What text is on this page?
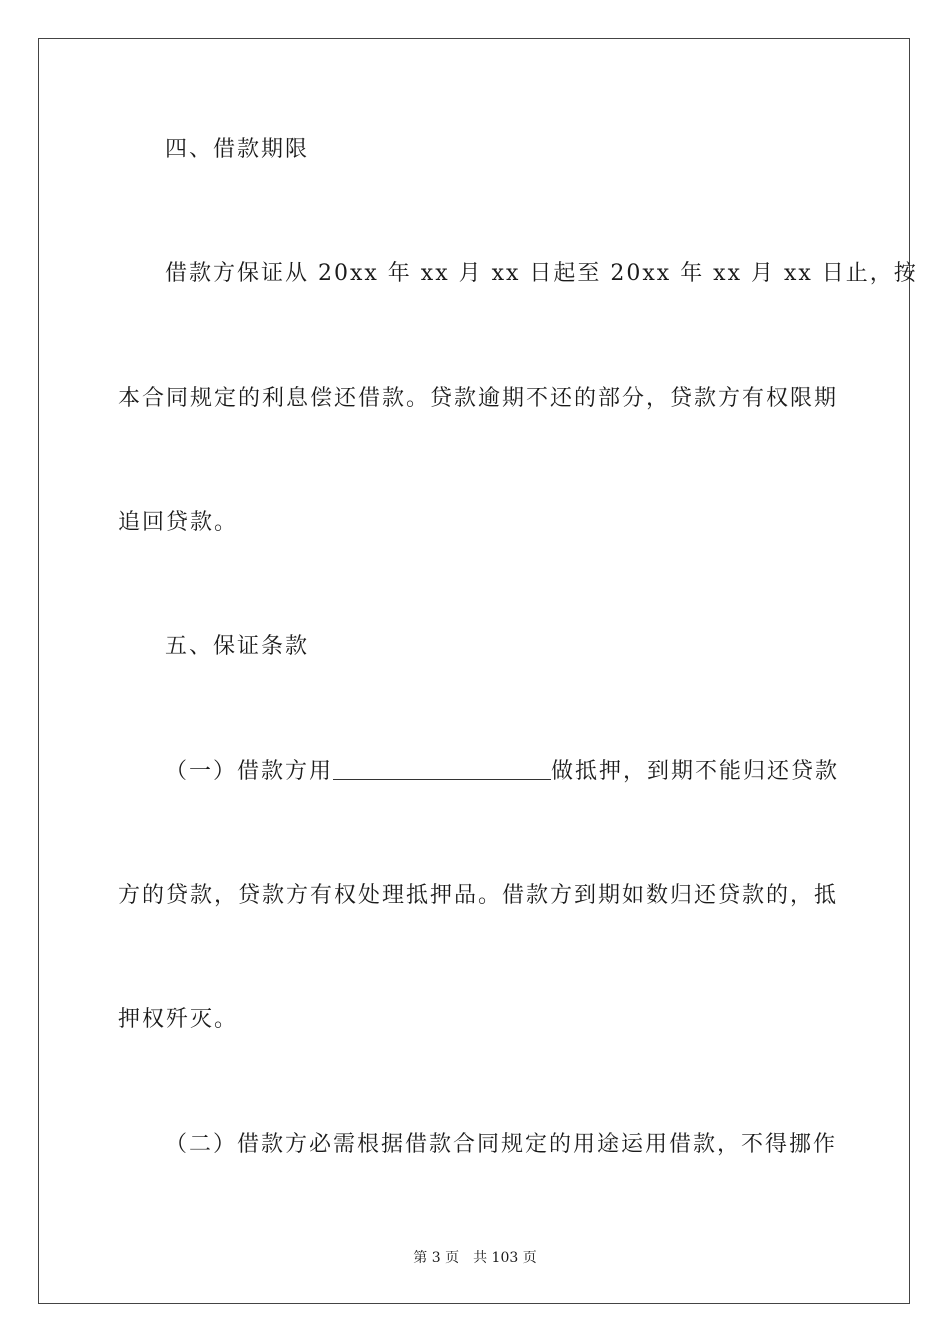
四、借款期限
借款方保证从 20xx 年 xx 月 xx 日起至 20xx 年 xx 月 xx 日止，按
本合同规定的利息偿还借款。贷款逾期不还的部分，贷款方有权限期
追回贷款。
五、保证条款
（一）借款方用	做抵押，到期不能归还贷款
方的贷款，贷款方有权处理抵押品。借款方到期如数归还贷款的，抵
押权歼灭。
（二）借款方必需根据借款合同规定的用途运用借款，不得挪作
第 3 页 共 103 页
